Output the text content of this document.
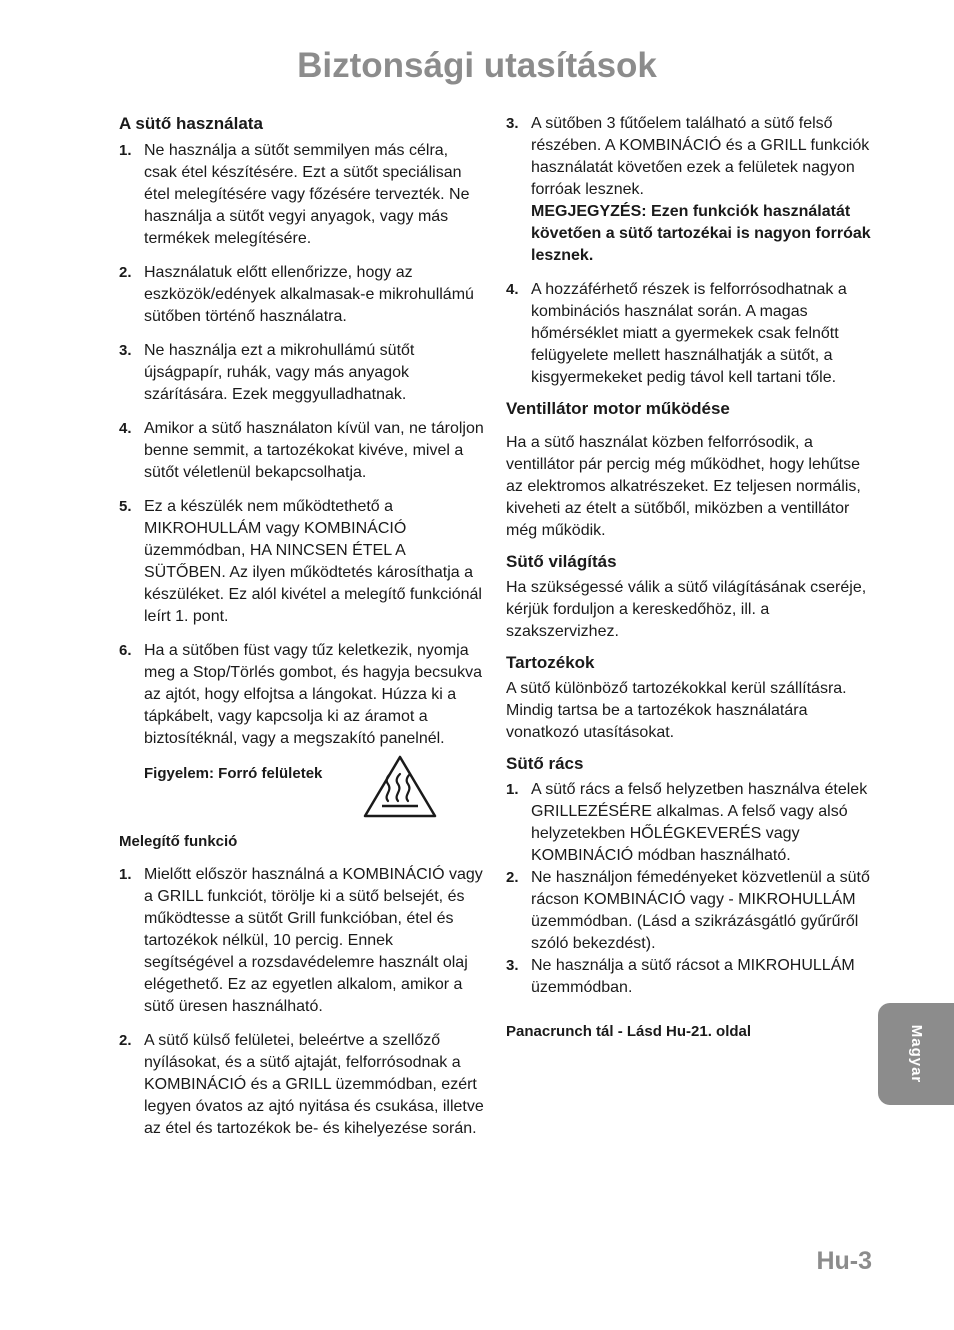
Biztonsági utasítások
A sütő használata
1. Ne használja a sütőt semmilyen más célra, csak étel készítésére. Ezt a sütőt speciálisan étel melegítésére vagy főzésére tervezték. Ne használja a sütőt vegyi anyagok, vagy más termékek melegítésére.
2. Használatuk előtt ellenőrizze, hogy az eszközök/edények alkalmasak-e mikrohullámú sütőben történő használatra.
3. Ne használja ezt a mikrohullámú sütőt újságpapír, ruhák, vagy más anyagok szárítására. Ezek meggyulladhatnak.
4. Amikor a sütő használaton kívül van, ne tároljon benne semmit, a tartozékokat kivéve, mivel a sütőt véletlenül bekapcsolhatja.
5. Ez a készülék nem működtethető a MIKROHULLÁM vagy KOMBINÁCIÓ üzemmódban, HA NINCSEN ÉTEL A SÜTŐBEN. Az ilyen működtetés károsíthatja a készüléket. Ez alól kivétel a melegítő funkciónál leírt 1. pont.
6. Ha a sütőben füst vagy tűz keletkezik, nyomja meg a Stop/Törlés gombot, és hagyja becsukva az ajtót, hogy elfojtsa a lángokat. Húzza ki a tápkábelt, vagy kapcsolja ki az áramot a biztosítéknál, vagy a megszakító panelnél.
Figyelem: Forró felületek
Melegítő funkció
1. Mielőtt először használná a KOMBINÁCIÓ vagy a GRILL funkciót, törölje ki a sütő belsejét, és működtesse a sütőt Grill funkcióban, étel és tartozékok nélkül, 10 percig. Ennek segítségével a rozsdavédelemre használt olaj elégethető. Ez az egyetlen alkalom, amikor a sütő üresen használható.
2. A sütő külső felületei, beleértve a szellőző nyílásokat, és a sütő ajtaját, felforrósodnak a KOMBINÁCIÓ és a GRILL üzemmódban, ezért legyen óvatos az ajtó nyitása és csukása, illetve az étel és tartozékok be- és kihelyezése során.
3. A sütőben 3 fűtőelem található a sütő felső részében. A KOMBINÁCIÓ és a GRILL funkciók használatát követően ezek a felületek nagyon forróak lesznek.
MEGJEGYZÉS: Ezen funkciók használatát követően a sütő tartozékai is nagyon forróak lesznek.
4. A hozzáférhető részek is felforrósodhatnak a kombinációs használat során. A magas hőmérséklet miatt a gyermekek csak felnőtt felügyelete mellett használhatják a sütőt, a kisgyermekeket pedig távol kell tartani tőle.
Ventillátor motor működése

Ha a sütő használat közben felforrósodik, a ventillátor pár percig még működhet, hogy lehűtse az elektromos alkatrészeket. Ez teljesen normális, kiveheti az ételt a sütőből, miközben a ventillátor még működik.

Sütő világítás

Ha szükségessé válik a sütő világításának cseréje, kérjük forduljon a kereskedőhöz, ill. a szakszervizhez.

Tartozékok

A sütő különböző tartozékokkal kerül szállításra. Mindig tartsa be a tartozékok használatára vonatkozó utasításokat.

Sütő rács
1. A sütő rács a felső helyzetben használva ételek GRILLEZÉSÉRE alkalmas. A felső vagy alsó helyzetekben HŐLÉGKEVERÉS vagy KOMBINÁCIÓ módban használható.
2. Ne használjon fémedényeket közvetlenül a sütő rácson KOMBINÁCIÓ vagy - MIKROHULLÁM üzemmódban. (Lásd a szikrázásgátló gyűrűről szóló bekezdést).
3. Ne használja a sütő rácsot a MIKROHULLÁM üzemmódban.
Panacrunch tál - Lásd Hu-21. oldal	Magyar
Hu-3
